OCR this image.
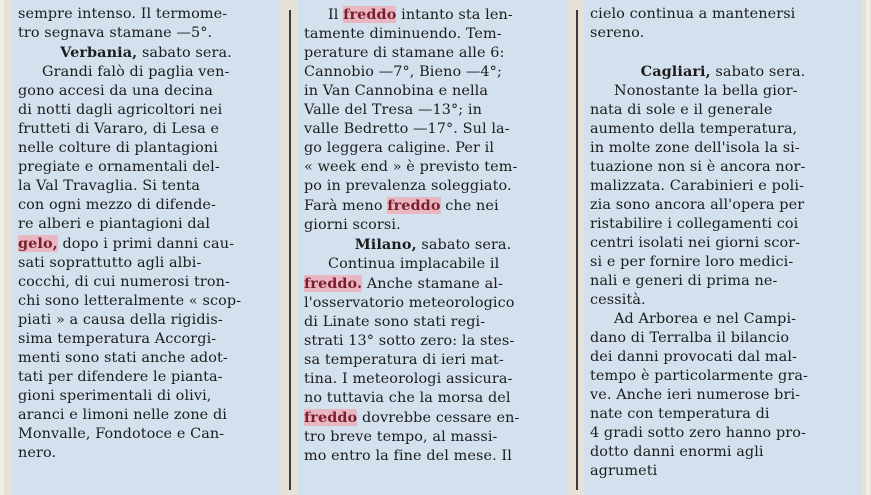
sempre intenso. Il termome-
tro segnava stamane —5°.
Verbania, sabato sera.
Grandi falò di paglia ven-
gono accesi da una decina
di notti dagli agricoltori nei
frutteti di Vararo, di Lesa e
nelle colture di plantagioni
pregiate e ornamentali del-
la Val Travaglia. Si tenta
con ogni mezzo di difende-
re alberi e piantagioni dal
gelo, dopo i primi danni cau-
sati soprattutto agli albi-
cocchi, di cui numerosi tron-
chi sono letteralmente « scop-
piati » a causa della rigidis-
sima temperatura Accorgi-
menti sono stati anche adot-
tati per difendere le pianta-
gioni sperimentali di olivi,
aranci e limoni nelle zone di
Monvalle, Fondotoce e Can-
nero.
Il freddo intanto sta len-
tamente diminuendo. Tem-
perature di stamane alle 6:
Cannobio —7°, Bieno —4°;
in Van Cannobina e nella
Valle del Tresa —13°; in
valle Bedretto —17°. Sul la-
go leggera caligine. Per il
« week end » è previsto tem-
po in prevalenza soleggiato.
Farà meno freddo che nei
giorni scorsi.
Milano, sabato sera.
Continua implacabile il
freddo. Anche stamane al-
l'osservatorio meteorologico
di Linate sono stati regi-
strati 13° sotto zero: la stes-
sa temperatura di ieri mat-
tina. I meteorologi assicura-
no tuttavia che la morsa del
freddo dovrebbe cessare en-
tro breve tempo, al massi-
mo entro la fine del mese. Il
cielo continua a mantenersi
sereno.

Cagliari, sabato sera.
Nonostante la bella gior-
nata di sole e il generale
aumento della temperatura,
in molte zone dell'isola la si-
tuazione non si è ancora nor-
malizzata. Carabinieri e poli-
zia sono ancora all'opera per
ristabilire i collegamenti coi
centri isolati nei giorni scor-
si e per fornire loro medici-
nali e generi di prima ne-
cessità.
Ad Arborea e nel Campi-
dano di Terralba il bilancio
dei danni provocati dal mal-
tempo è particolarmente gra-
ve. Anche ieri numerose bri-
nate con temperatura di
4 gradi sotto zero hanno pro-
dotto danni enormi agli
agrumeti
